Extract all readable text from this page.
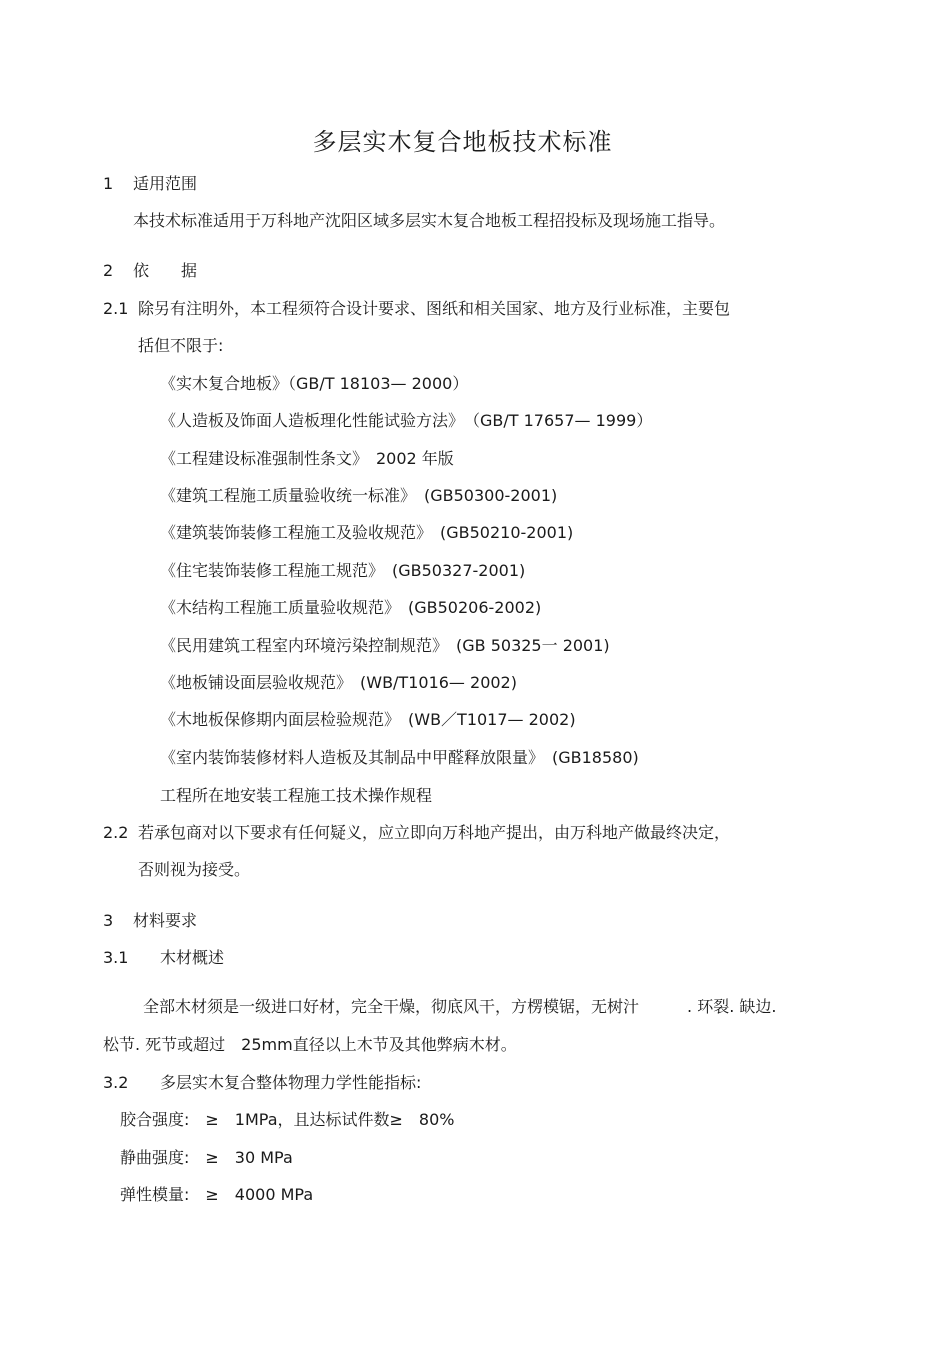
多层实木复合地板技术标准
1 适用范围
本技术标准适用于万科地产沈阳区域多层实木复合地板工程招投标及现场施工指导。
2 依　　据
2.1 除另有注明外，本工程须符合设计要求、图纸和相关国家、地方及行业标准，主要包
括但不限于:
《实木复合地板》（GB/T 18103— 2000）
《人造板及饰面人造板理化性能试验方法》　（GB/T 17657— 1999）
《工程建设标准强制性条文》　2002 年版
《建筑工程施工质量验收统一标准》　(GB50300-2001)
《建筑装饰装修工程施工及验收规范》　(GB50210-2001)
《住宅装饰装修工程施工规范》　(GB50327-2001)
《木结构工程施工质量验收规范》　(GB50206-2002)
《民用建筑工程室内环境污染控制规范》　(GB 50325一 2001)
《地板铺设面层验收规范》　(WB/T1016— 2002)
《木地板保修期内面层检验规范》　(WB／T1017— 2002)
《室内装饰装修材料人造板及其制品中甲醛释放限量》　(GB18580)
工程所在地安装工程施工技术操作规程
2.2 若承包商对以下要求有任何疑义，应立即向万科地产提出，由万科地产做最终决定，
否则视为接受。
3 材料要求
3.1 木材概述
全部木材须是一级进口好材，完全干燥，彻底风干，方楞模锯，无树汁	. 环裂. 缺边.
松节. 死节或超过　25mm直径以上木节及其他弊病木材。
3.2 多层实木复合整体物理力学性能指标:
胶合强度:　≥　1MPa，且达标试件数≥　80%
静曲强度:　≥　30 MPa
弹性模量:　≥　4000 MPa
